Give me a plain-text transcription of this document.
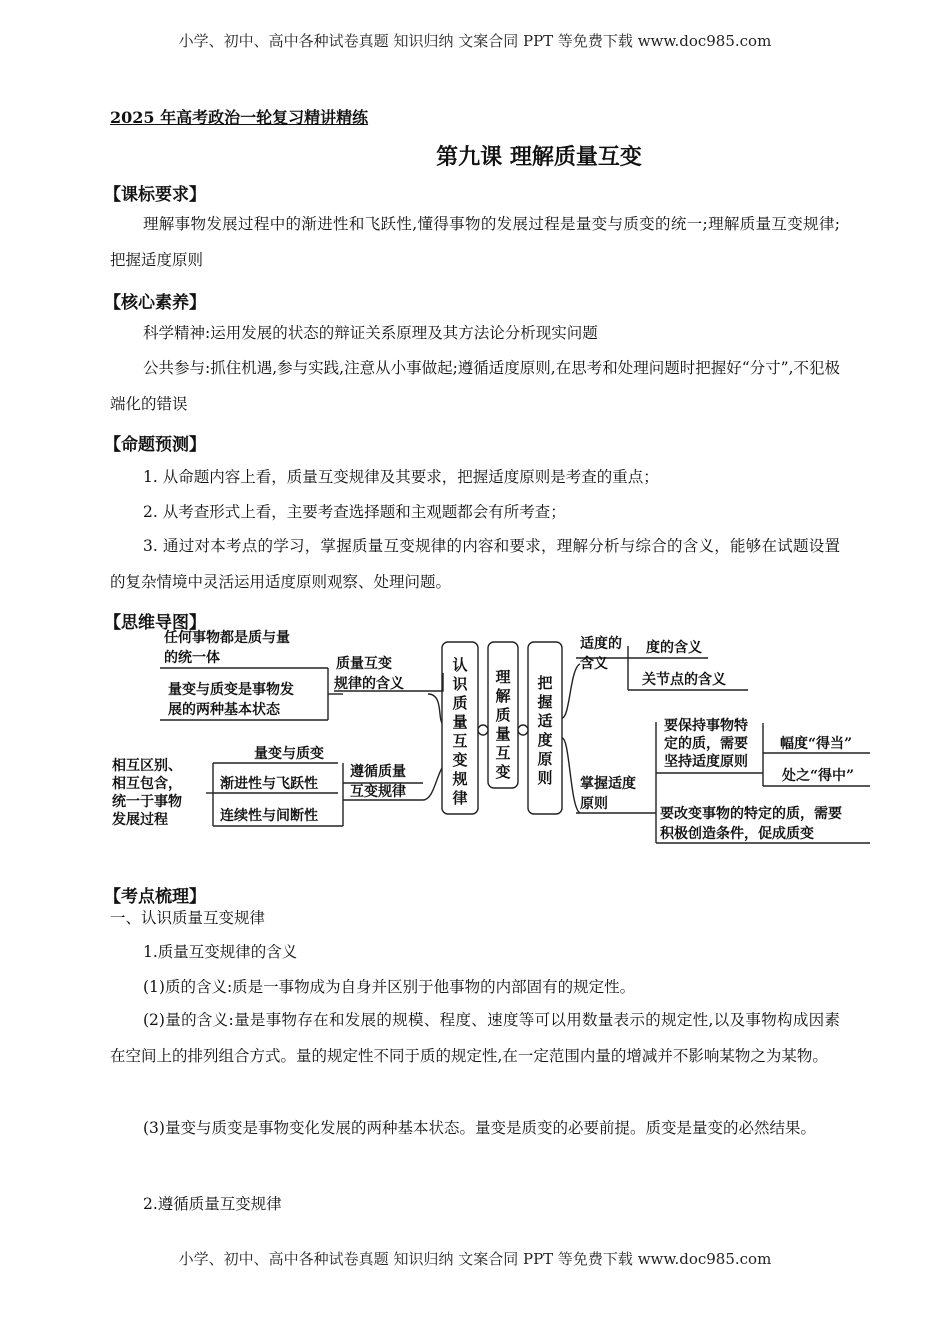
小学、初中、高中各种试卷真题 知识归纳 文案合同 PPT 等免费下载 www.doc985.com
2025 年高考政治一轮复习精讲精练
第九课 理解质量互变
【课标要求】
理解事物发展过程中的渐进性和飞跃性,懂得事物的发展过程是量变与质变的统一;理解质量互变规律;把握适度原则
【核心素养】
科学精神:运用发展的状态的辩证关系原理及其方法论分析现实问题
公共参与:抓住机遇,参与实践,注意从小事做起;遵循适度原则,在思考和处理问题时把握好“分寸”,不犯极端化的错误
【命题预测】
1. 从命题内容上看，质量互变规律及其要求，把握适度原则是考查的重点；
2. 从考查形式上看，主要考查选择题和主观题都会有所考查；
3. 通过对本考点的学习，掌握质量互变规律的内容和要求，理解分析与综合的含义，能够在试题设置的复杂情境中灵活运用适度原则观察、处理问题。
【思维导图】
任何事物都是质与量
的统一体
量变与质变是事物发
展的两种基本状态
质量互变
规律的含义
相互区别、
相互包含，
统一于事物
发展过程
量变与质变
渐进性与飞跃性
连续性与间断性
遵循质量
互变规律
认识质量互变规律
理解质量互变
把握适度原则
适度的
含义
度的含义
关节点的含义
掌握适度
原则
要保持事物特
定的质，需要
坚持适度原则
幅度“得当”
处之“得中”
要改变事物的特定的质，需要
积极创造条件，促成质变
【考点梳理】
一、认识质量互变规律
1.质量互变规律的含义
(1)质的含义:质是一事物成为自身并区别于他事物的内部固有的规定性。
(2)量的含义:量是事物存在和发展的规模、程度、速度等可以用数量表示的规定性,以及事物构成因素在空间上的排列组合方式。量的规定性不同于质的规定性,在一定范围内量的增减并不影响某物之为某物。
(3)量变与质变是事物变化发展的两种基本状态。量变是质变的必要前提。质变是量变的必然结果。
2.遵循质量互变规律
小学、初中、高中各种试卷真题 知识归纳 文案合同 PPT 等免费下载 www.doc985.com
